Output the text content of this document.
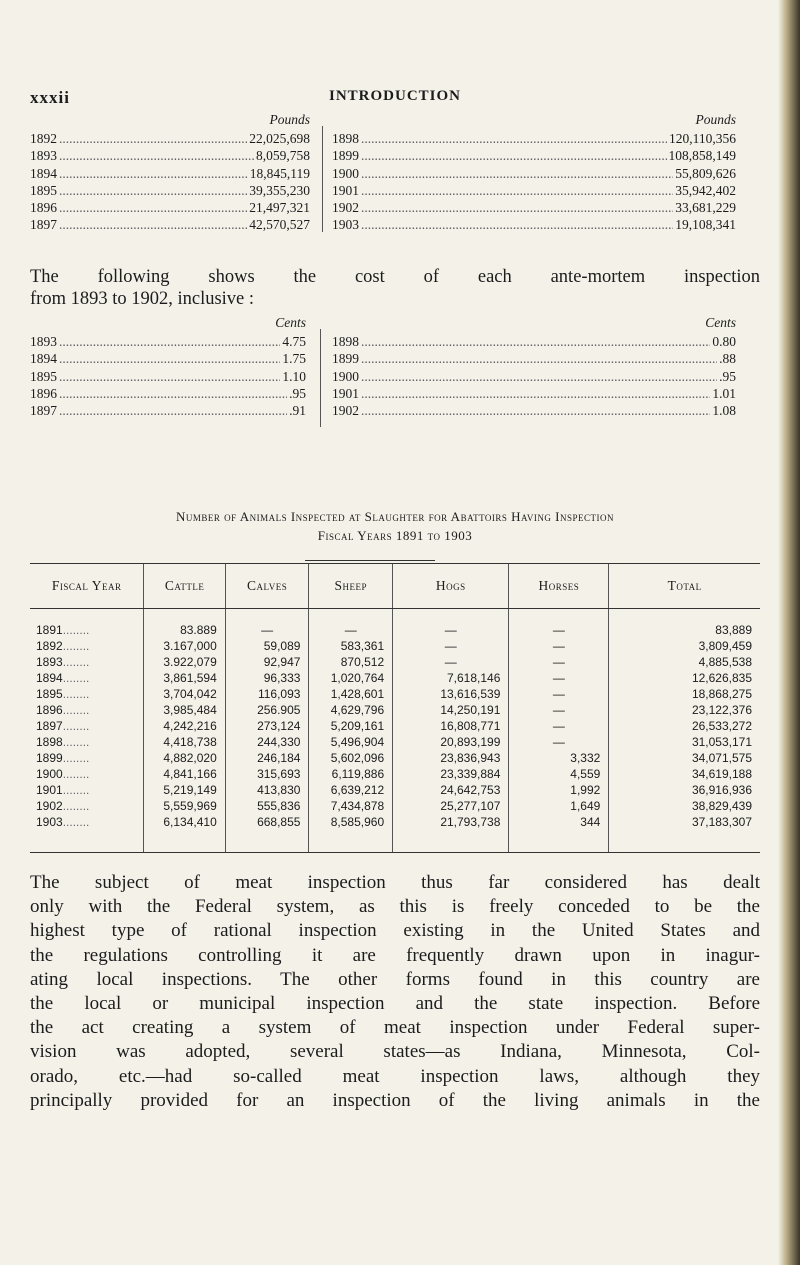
xxxii	INTRODUCTION
Pounds
1892 .....	22,025,698
1893 .....	8,059,758
1894 .....	18,845,119
1895 .....	39,355,230
1896 .....	21,497,321
1897 .....	42,570,527
Pounds
1898 .....	120,110,356
1899 .....	108,858,149
1900 .....	55,809,626
1901 .....	35,942,402
1902 .....	33,681,229
1903 .....	19,108,341
The following shows the cost of each ante-mortem inspection
from 1893 to 1902, inclusive :
Cents
1893 .....	4.75
1894 .....	1.75
1895 .....	1.10
1896 .....	.95
1897 .....	.91
Cents
1898 .....	0.80
1899 .....	.88
1900 .....	.95
1901 .....	1.01
1902 .....	1.08
Number of Animals Inspected at Slaughter for Abattoirs Having Inspection
Fiscal Years 1891 to 1903
Fiscal Year	Cattle	Calves	Sheep	Hogs	Horses	Total
1891........	83.889	—	—	—	—	83,889
1892........	3.167,000	59,089	583,361	—	—	3,809,459
1893........	3.922,079	92,947	870,512	—	—	4,885,538
1894........	3,861,594	96,333	1,020,764	7,618,146	—	12,626,835
1895........	3,704,042	116,093	1,428,601	13,616,539	—	18,868,275
1896........	3,985,484	256.905	4,629,796	14,250,191	—	23,122,376
1897........	4,242,216	273,124	5,209,161	16,808,771	—	26,533,272
1898........	4,418,738	244,330	5,496,904	20,893,199	—	31,053,171
1899........	4,882,020	246,184	5,602,096	23,836,943	3,332	34,071,575
1900........	4,841,166	315,693	6,119,886	23,339,884	4,559	34,619,188
1901........	5,219,149	413,830	6,639,212	24,642,753	1,992	36,916,936
1902........	5,559,969	555,836	7,434,878	25,277,107	1,649	38,829,439
1903........	6,134,410	668,855	8,585,960	21,793,738	344	37,183,307
The subject of meat inspection thus far considered has dealt
only with the Federal system, as this is freely conceded to be the
highest type of rational inspection existing in the United States and
the regulations controlling it are frequently drawn upon in inagur-
ating local inspections. The other forms found in this country are
the local or municipal inspection and the state inspection. Before
the act creating a system of meat inspection under Federal super-
vision was adopted, several states—as Indiana, Minnesota, Col-
orado, etc.—had so-called meat inspection laws, although they
principally provided for an inspection of the living animals in the
